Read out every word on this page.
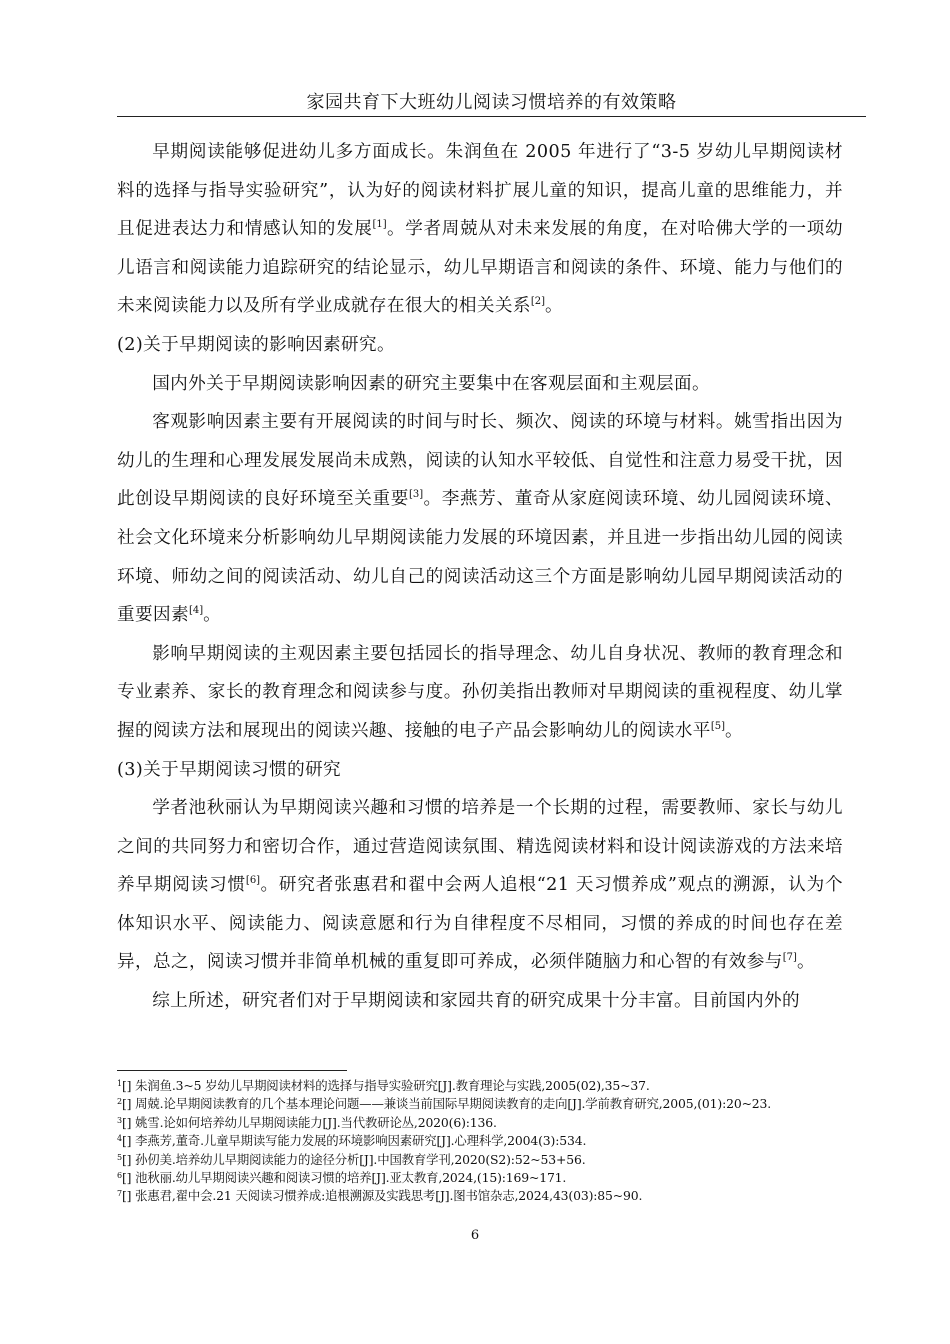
家园共育下大班幼儿阅读习惯培养的有效策略

早期阅读能够促进幼儿多方面成长。朱润鱼在 2005 年进行了“3-5 岁幼儿早期阅读材料的选择与指导实验研究”，认为好的阅读材料扩展儿童的知识，提高儿童的思维能力，并且促进表达力和情感认知的发展[1]。学者周兢从对未来发展的角度，在对哈佛大学的一项幼儿语言和阅读能力追踪研究的结论显示，幼儿早期语言和阅读的条件、环境、能力与他们的未来阅读能力以及所有学业成就存在很大的相关关系[2]。

(2)关于早期阅读的影响因素研究。

国内外关于早期阅读影响因素的研究主要集中在客观层面和主观层面。

客观影响因素主要有开展阅读的时间与时长、频次、阅读的环境与材料。姚雪指出因为幼儿的生理和心理发展发展尚未成熟，阅读的认知水平较低、自觉性和注意力易受干扰，因此创设早期阅读的良好环境至关重要[3]。李燕芳、董奇从家庭阅读环境、幼儿园阅读环境、社会文化环境来分析影响幼儿早期阅读能力发展的环境因素，并且进一步指出幼儿园的阅读环境、师幼之间的阅读活动、幼儿自己的阅读活动这三个方面是影响幼儿园早期阅读活动的重要因素[4]。

影响早期阅读的主观因素主要包括园长的指导理念、幼儿自身状况、教师的教育理念和专业素养、家长的教育理念和阅读参与度。孙仞美指出教师对早期阅读的重视程度、幼儿掌握的阅读方法和展现出的阅读兴趣、接触的电子产品会影响幼儿的阅读水平[5]。

(3)关于早期阅读习惯的研究

学者池秋丽认为早期阅读兴趣和习惯的培养是一个长期的过程，需要教师、家长与幼儿之间的共同努力和密切合作，通过营造阅读氛围、精选阅读材料和设计阅读游戏的方法来培养早期阅读习惯[6]。研究者张惠君和翟中会两人追根“21 天习惯养成”观点的溯源，认为个体知识水平、阅读能力、阅读意愿和行为自律程度不尽相同，习惯的养成的时间也存在差异，总之，阅读习惯并非简单机械的重复即可养成，必须伴随脑力和心智的有效参与[7]。

综上所述，研究者们对于早期阅读和家园共育的研究成果十分丰富。目前国内外的

$^1$[] 朱润鱼.3~5 岁幼儿早期阅读材料的选择与指导实验研究[J].教育理论与实践,2005(02),35~37.
$^2$[] 周兢.论早期阅读教育的几个基本理论问题——兼谈当前国际早期阅读教育的走向[J].学前教育研究,2005,(01):20~23.
$^3$[] 姚雪.论如何培养幼儿早期阅读能力[J].当代教研论丛,2020(6):136.
$^4$[] 李燕芳,董奇.儿童早期读写能力发展的环境影响因素研究[J].心理科学,2004(3):534.
$^5$[] 孙仞美.培养幼儿早期阅读能力的途径分析[J].中国教育学刊,2020(S2):52~53+56.
$^6$[] 池秋丽.幼儿早期阅读兴趣和阅读习惯的培养[J].亚太教育,2024,(15):169~171.
$^7$[] 张惠君,翟中会.21 天阅读习惯养成:追根溯源及实践思考[J].图书馆杂志,2024,43(03):85~90.
6
